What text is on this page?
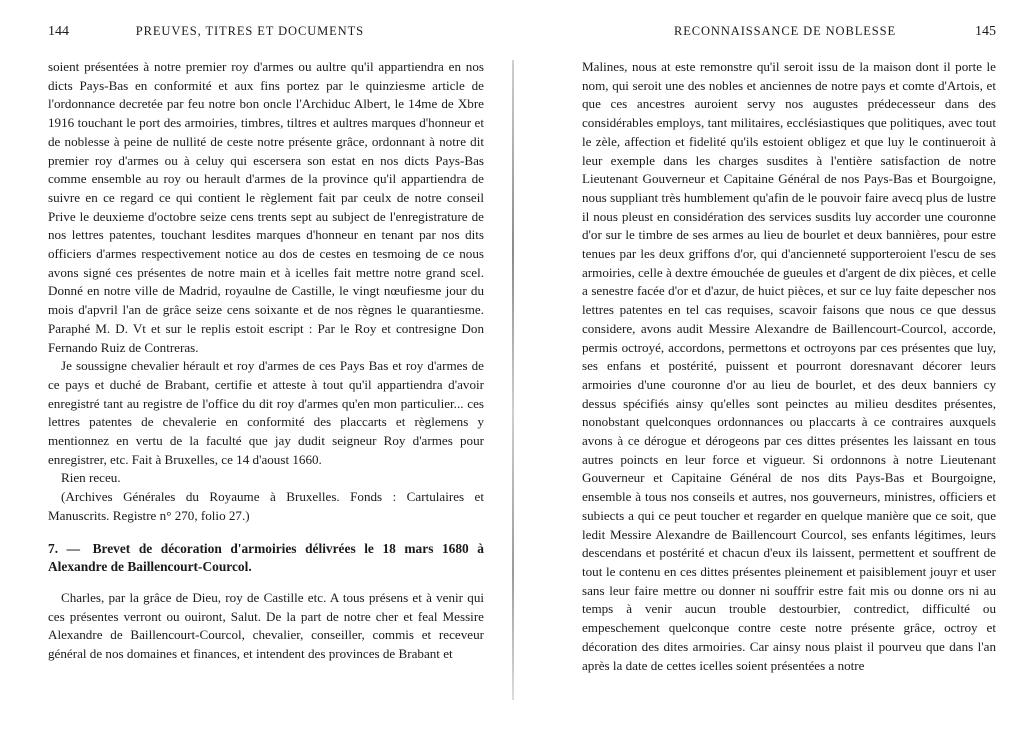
144	PREUVES, TITRES ET DOCUMENTS

soient présentées à notre premier roy d'armes ou aultre qu'il appartiendra en nos dicts Pays-Bas en conformité et aux fins portez par le quinziesme article de l'ordonnance decretée par feu notre bon oncle l'Archiduc Albert, le 14me de Xbre 1916 touchant le port des armoiries, timbres, tiltres et aultres marques d'honneur et de noblesse à peine de nullité de ceste notre présente grâce, ordonnant à notre dit premier roy d'armes ou à celuy qui escersera son estat en nos dicts Pays-Bas comme ensemble au roy ou herault d'armes de la province qu'il appartiendra de suivre en ce regard ce qui contient le règlement fait par ceulx de notre conseil Prive le deuxieme d'octobre seize cens trents sept au subject de l'enregistrature de nos lettres patentes, touchant lesdites marques d'honneur en tenant par nos dits officiers d'armes respectivement notice au dos de cestes en tesmoing de ce nous avons signé ces présentes de notre main et à icelles fait mettre notre grand scel. Donné en notre ville de Madrid, royaulne de Castille, le vingt nœufiesme jour du mois d'apvril l'an de grâce seize cens soixante et de nos règnes le quarantiesme. Paraphé M. D. Vt et sur le replis estoit escript : Par le Roy et contresigne Don Fernando Ruiz de Contreras.

Je soussigne chevalier hérault et roy d'armes de ces Pays Bas et roy d'armes de ce pays et duché de Brabant, certifie et atteste à tout qu'il appartiendra d'avoir enregistré tant au registre de l'office du dit roy d'armes qu'en mon particulier... ces lettres patentes de chevalerie en conformité des placcarts et règlemens y mentionnez en vertu de la faculté que jay dudit seigneur Roy d'armes pour enregistrer, etc. Fait à Bruxelles, ce 14 d'aoust 1660.

Rien receu.

(Archives Générales du Royaume à Bruxelles. Fonds : Cartulaires et Manuscrits. Registre n° 270, folio 27.)

7. — Brevet de décoration d'armoiries délivrées le 18 mars 1680 à Alexandre de Baillencourt-Courcol.

Charles, par la grâce de Dieu, roy de Castille etc. A tous présens et à venir qui ces présentes verront ou ouiront, Salut. De la part de notre cher et feal Messire Alexandre de Baillencourt-Courcol, chevalier, conseiller, commis et receveur général de nos domaines et finances, et intendent des provinces de Brabant et

RECONNAISSANCE DE NOBLESSE	145

Malines, nous at este remonstre qu'il seroit issu de la maison dont il porte le nom, qui seroit une des nobles et anciennes de notre pays et comte d'Artois, et que ces ancestres auroient servy nos augustes prédecesseur dans des considérables employs, tant militaires, ecclésiastiques que politiques, avec tout le zèle, affection et fidelité qu'ils estoient obligez et que luy le continueroit à leur exemple dans les charges susdites à l'entière satisfaction de notre Lieutenant Gouverneur et Capitaine Général de nos Pays-Bas et Bourgoigne, nous suppliant très humblement qu'afin de le pouvoir faire avecq plus de lustre il nous pleust en considération des services susdits luy accorder une couronne d'or sur le timbre de ses armes au lieu de bourlet et deux bannières, pour estre tenues par les deux griffons d'or, qui d'ancienneté supporteroient l'escu de ses armoiries, celle à dextre émouchée de gueules et d'argent de dix pièces, et celle a senestre facée d'or et d'azur, de huict pièces, et sur ce luy faite depescher nos lettres patentes en tel cas requises, scavoir faisons que nous ce que dessus considere, avons audit Messire Alexandre de Baillencourt-Courcol, accorde, permis octroyé, accordons, permettons et octroyons par ces présentes que luy, ses enfans et postérité, puissent et pourront doresnavant décorer leurs armoiries d'une couronne d'or au lieu de bourlet, et des deux banniers cy dessus spécifiés ainsy qu'elles sont peinctes au milieu desdites présentes, nonobstant quelconques ordonnances ou placcarts à ce contraires auxquels avons à ce dérogue et dérogeons par ces dittes présentes les laissant en tous autres poincts en leur force et vigueur. Si ordonnons à notre Lieutenant Gouverneur et Capitaine Général de nos dits Pays-Bas et Bourgoigne, ensemble à tous nos conseils et autres, nos gouverneurs, ministres, officiers et subiects a qui ce peut toucher et regarder en quelque manière que ce soit, que ledit Messire Alexandre de Baillencourt Courcol, ses enfants légitimes, leurs descendans et postérité et chacun d'eux ils laissent, permettent et souffrent de tout le contenu en ces dittes présentes pleinement et paisiblement jouyr et user sans leur faire mettre ou donner ni souffrir estre fait mis ou donne ors ni au temps à venir aucun trouble destourbier, contredict, difficulté ou empeschement quelconque contre ceste notre présente grâce, octroy et décoration des dites armoiries. Car ainsy nous plaist il pourveu que dans l'an après la date de cettes icelles soient présentées a notre
